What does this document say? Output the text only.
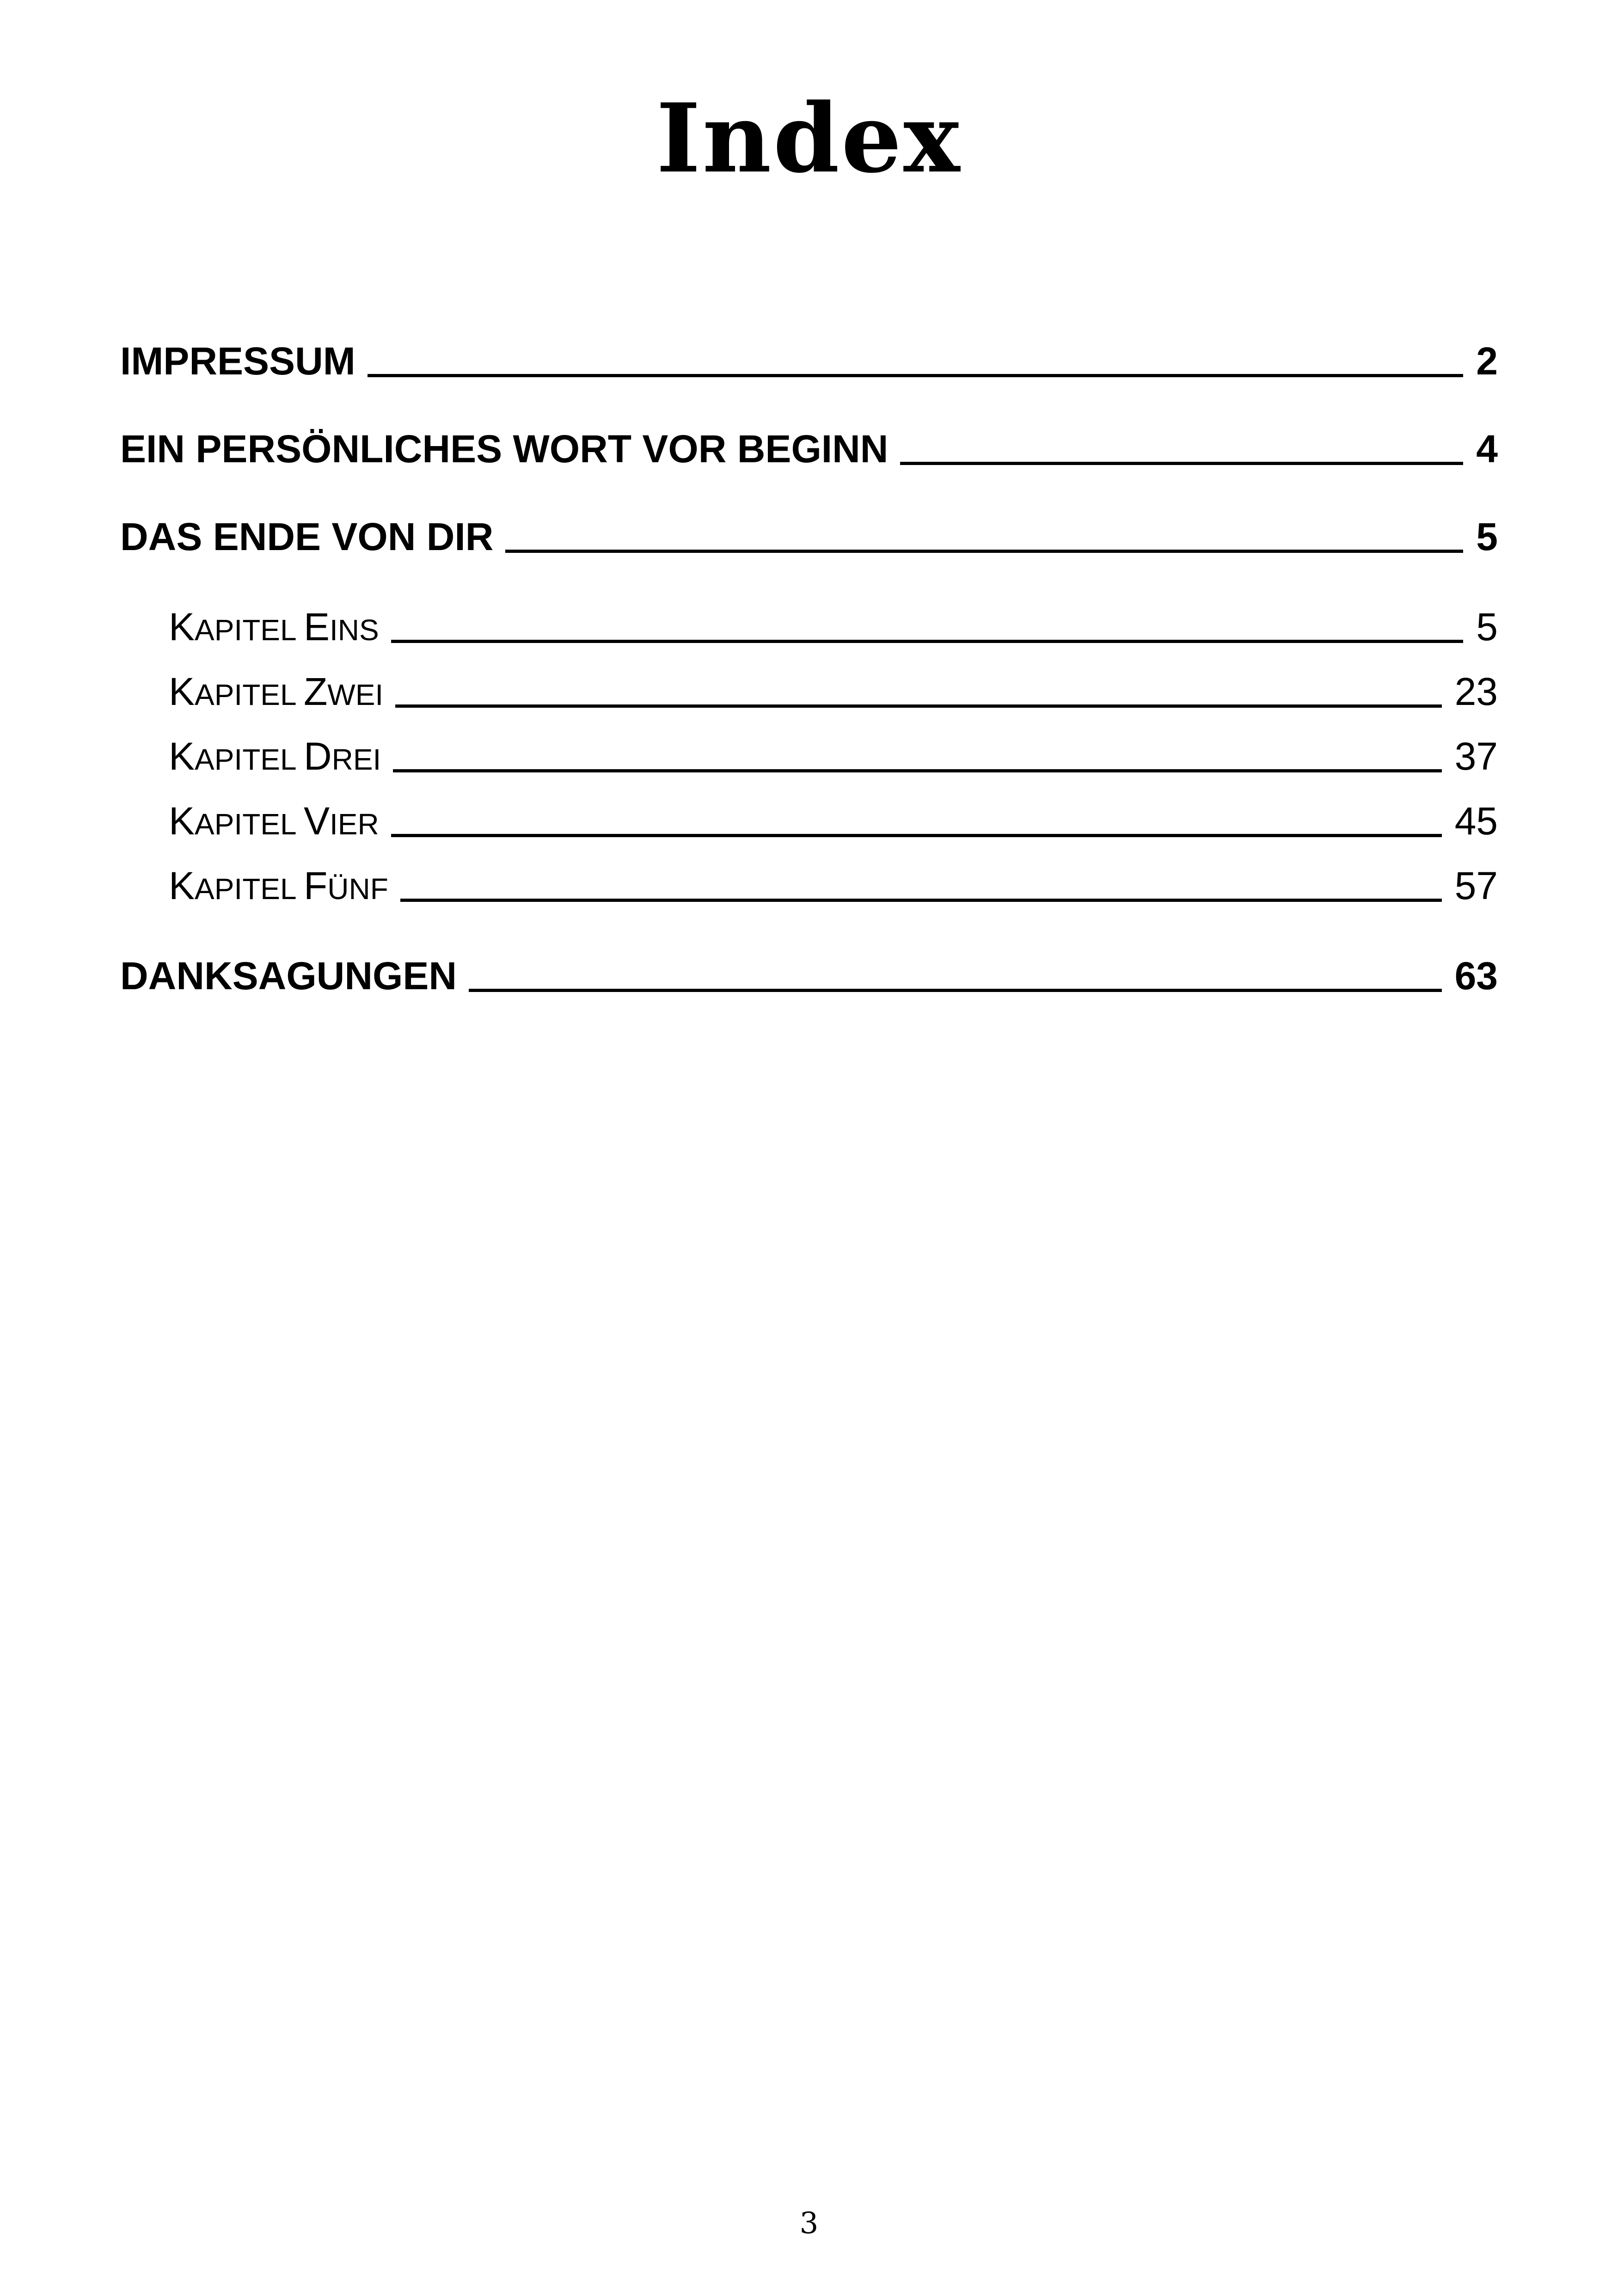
Index
IMPRESSUM	2
EIN PERSÖNLICHES WORT VOR BEGINN	4
DAS ENDE VON DIR	5
KAPITEL EINS	5
KAPITEL ZWEI	23
KAPITEL DREI	37
KAPITEL VIER	45
KAPITEL FÜNF	57
DANKSAGUNGEN	63
3
